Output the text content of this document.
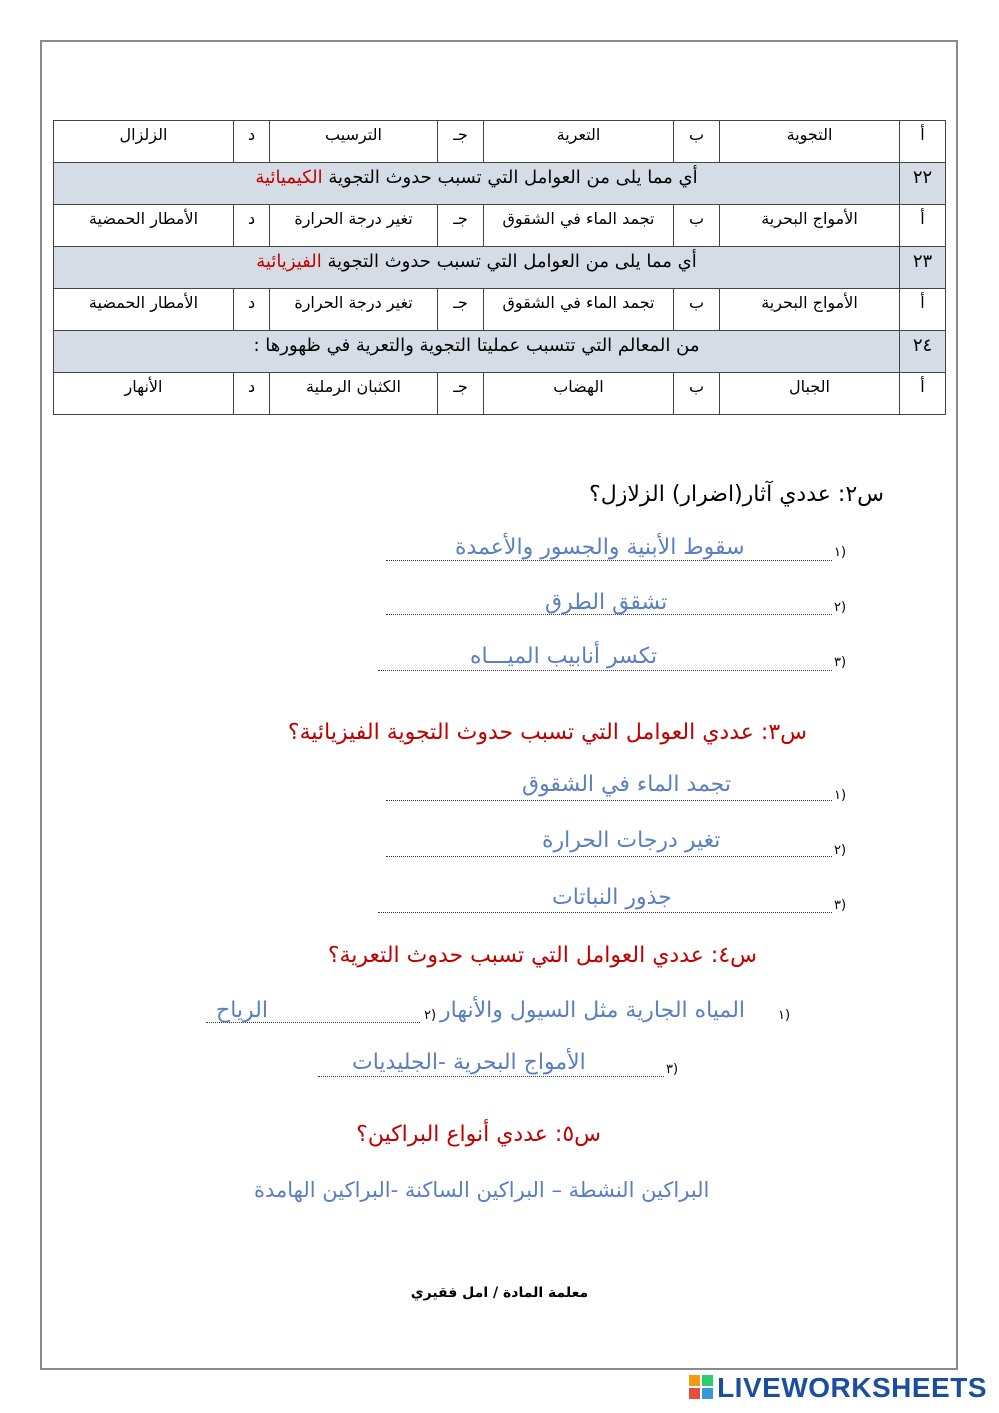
أ	التجوية	ب	التعرية	جـ	الترسيب	د	الزلزال
٢٢	أي مما يلى من العوامل التي تسبب حدوث التجوية الكيميائية						
أ	الأمواج البحرية	ب	تجمد الماء في الشقوق	جـ	تغير درجة الحرارة	د	الأمطار الحمضية
٢٣	أي مما يلى من العوامل التي تسبب حدوث التجوية الفيزيائية						
أ	الأمواج البحرية	ب	تجمد الماء في الشقوق	جـ	تغير درجة الحرارة	د	الأمطار الحمضية
٢٤	من المعالم التي تتسبب عمليتا التجوية والتعرية في ظهورها :						
أ	الجبال	ب	الهضاب	جـ	الكثبان الرملية	د	الأنهار
س٢: عددي آثار(اضرار) الزلازل؟
١)
سقوط الأبنية والجسور والأعمدة
٢)
تشقق الطرق
٣)
تكسر أنابيب الميـــاه
س٣: عددي العوامل التي تسبب حدوث التجوية الفيزيائية؟
١)
تجمد الماء في الشقوق
٢)
تغير درجات الحرارة
٣)
جذور النباتات
س٤: عددي العوامل التي تسبب حدوث التعرية؟
١)
المياه الجارية مثل السيول والأنهار
٢)
الرياح
٣)
الأمواج البحرية -الجليديات
س٥: عددي أنواع البراكين؟
البراكين النشطة – البراكين الساكنة -البراكين الهامدة
معلمة المادة / امل فقيري
LIVEWORKSHEETS
